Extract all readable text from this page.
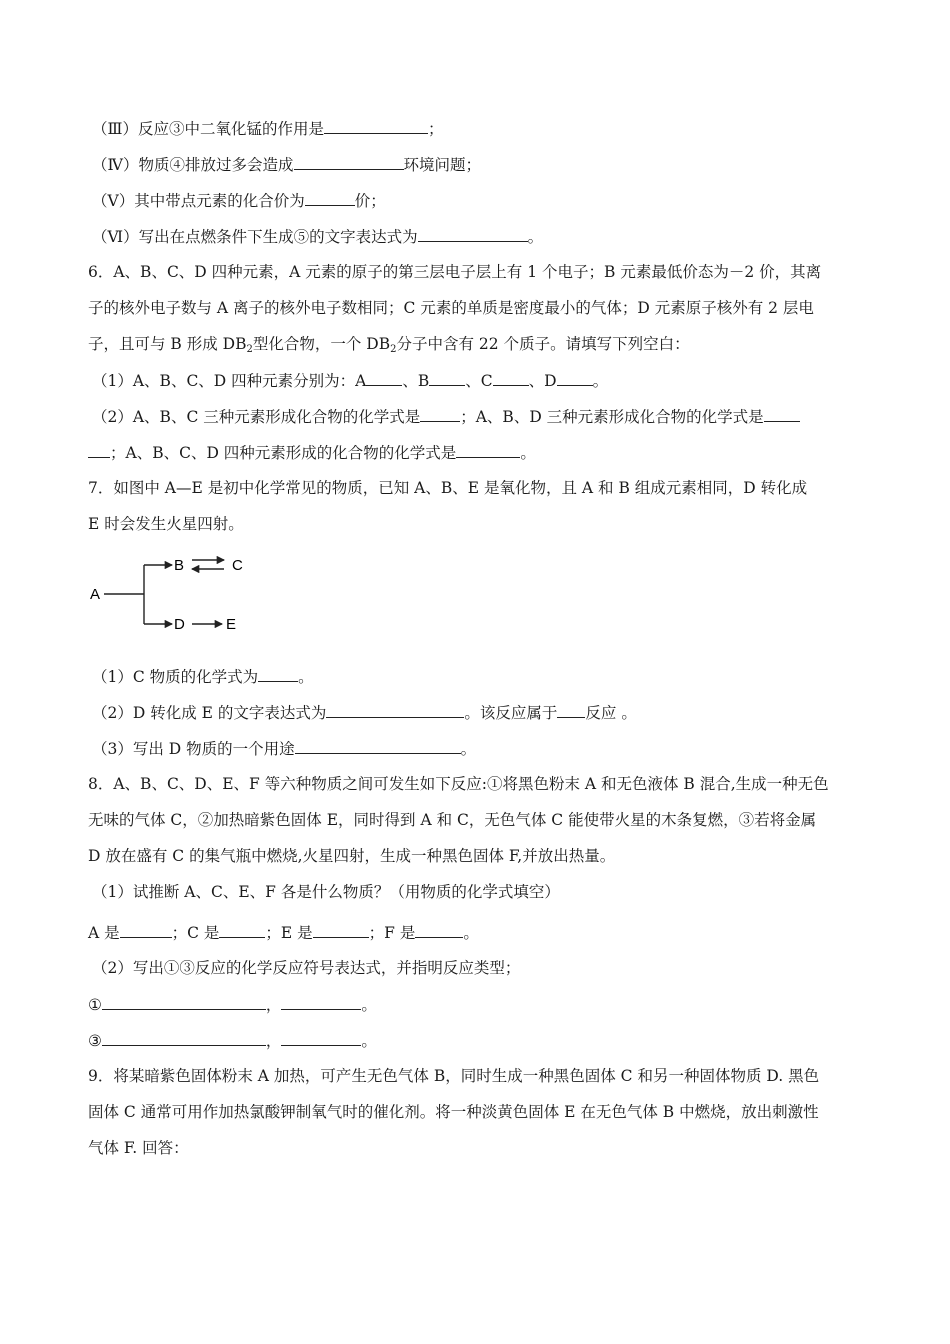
（Ⅲ）反应③中二氧化锰的作用是	；
（Ⅳ）物质④排放过多会造成	环境问题；
（Ⅴ）其中带点元素的化合价为	价；
（Ⅵ）写出在点燃条件下生成⑤的文字表达式为	。
6．A、B、C、D 四种元素，A 元素的原子的第三层电子层上有 1 个电子；B 元素最低价态为－2 价，其离
子的核外电子数与 A 离子的核外电子数相同；C 元素的单质是密度最小的气体；D 元素原子核外有 2 层电
子，且可与 B 形成 $DB_2$型化合物，一个 $DB_2$分子中含有 22 个质子。请填写下列空白：
（1）A、B、C、D 四种元素分别为：A 、B 、C 、D 。
（2）A、B、C 三种元素形成化合物的化学式是	；A、B、D 三种元素形成化合物的化学式是
；A、B、C、D 四种元素形成的化合物的化学式是	。
7．如图中 A—E 是初中化学常见的物质，已知 A、B、E 是氧化物，且 A 和 B 组成元素相同，D 转化成
E 时会发生火星四射。
A
B	C
D	E
（1）C 物质的化学式为	。
（2）D 转化成 E 的文字表达式为	。该反应属于 反应 。
（3）写出 D 物质的一个用途	。
8．A、B、C、D、E、F 等六种物质之间可发生如下反应:①将黑色粉末 A 和无色液体 B 混合,生成一种无色
无味的气体 C，②加热暗紫色固体 E，同时得到 A 和 C，无色气体 C 能使带火星的木条复燃，③若将金属
D 放在盛有 C 的集气瓶中燃烧,火星四射，生成一种黑色固体 F,并放出热量。
（1）试推断 A、C、E、F 各是什么物质？（用物质的化学式填空）
A 是	；C 是	；E 是	；F 是	。
（2）写出①③反应的化学反应符号表达式，并指明反应类型；
①	，	。
③	，	。
9．将某暗紫色固体粉末 A 加热，可产生无色气体 B，同时生成一种黑色固体 C 和另一种固体物质 D. 黑色
固体 C 通常可用作加热氯酸钾制氧气时的催化剂。将一种淡黄色固体 E 在无色气体 B 中燃烧，放出刺激性
气体 F. 回答：
